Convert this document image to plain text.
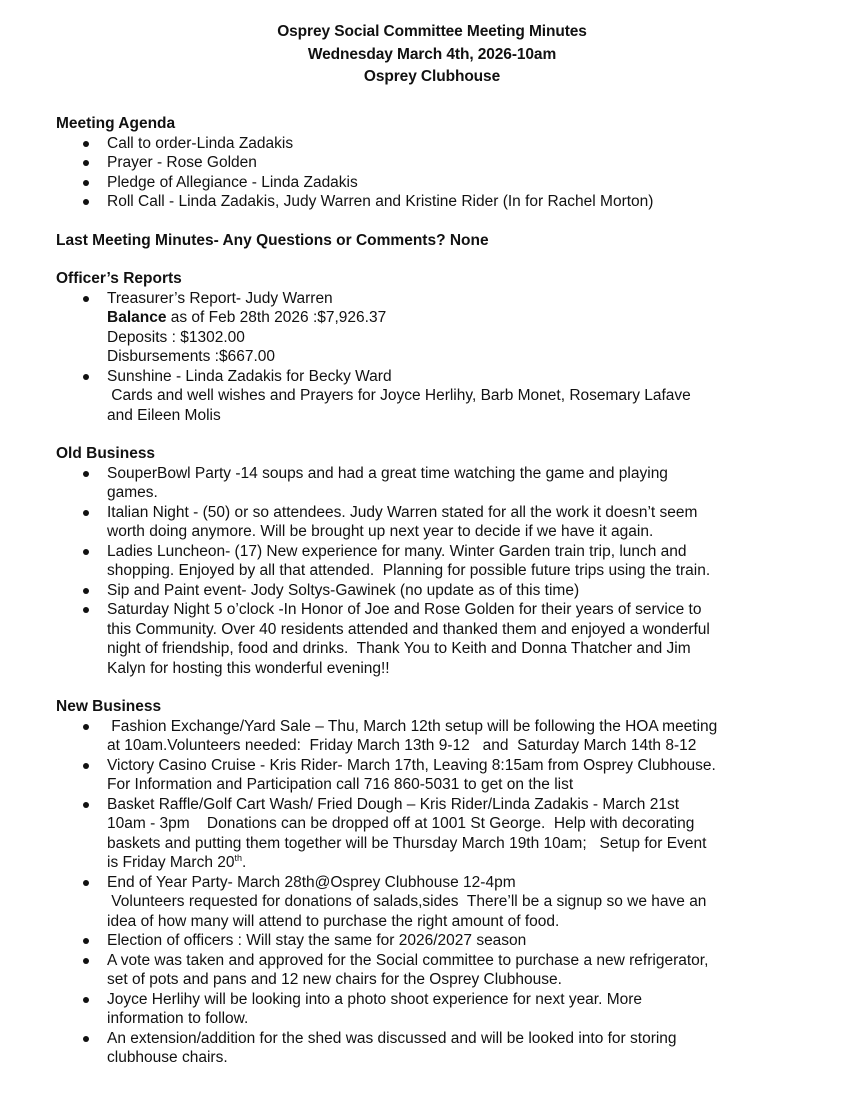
Osprey Social Committee Meeting Minutes
Wednesday March 4th, 2026-10am
Osprey Clubhouse
Meeting Agenda
Call to order-Linda Zadakis
Prayer - Rose Golden
Pledge of Allegiance - Linda Zadakis
Roll Call - Linda Zadakis, Judy Warren and Kristine Rider (In for Rachel Morton)
Last Meeting Minutes- Any Questions or Comments? None
Officer’s Reports
Treasurer’s Report- Judy Warren
Balance as of Feb 28th 2026 :$7,926.37
Deposits : $1302.00
Disbursements :$667.00
Sunshine - Linda Zadakis for Becky Ward
Cards and well wishes and Prayers for Joyce Herlihy, Barb Monet, Rosemary Lafave
and Eileen Molis
Old Business
SouperBowl Party -14 soups and had a great time watching the game and playing
games.
Italian Night - (50) or so attendees. Judy Warren stated for all the work it doesn’t seem
worth doing anymore. Will be brought up next year to decide if we have it again.
Ladies Luncheon- (17) New experience for many. Winter Garden train trip, lunch and
shopping. Enjoyed by all that attended.  Planning for possible future trips using the train.
Sip and Paint event- Jody Soltys-Gawinek (no update as of this time)
Saturday Night 5 o’clock -In Honor of Joe and Rose Golden for their years of service to
this Community. Over 40 residents attended and thanked them and enjoyed a wonderful
night of friendship, food and drinks.  Thank You to Keith and Donna Thatcher and Jim
Kalyn for hosting this wonderful evening!!
New Business
Fashion Exchange/Yard Sale – Thu, March 12th setup will be following the HOA meeting
at 10am.Volunteers needed:  Friday March 13th 9-12   and  Saturday March 14th 8-12
Victory Casino Cruise - Kris Rider- March 17th, Leaving 8:15am from Osprey Clubhouse.
For Information and Participation call 716 860-5031 to get on the list
Basket Raffle/Golf Cart Wash/ Fried Dough – Kris Rider/Linda Zadakis - March 21st
10am - 3pm    Donations can be dropped off at 1001 St George.  Help with decorating
baskets and putting them together will be Thursday March 19th 10am;   Setup for Event
is Friday March 20th.
End of Year Party- March 28th@Osprey Clubhouse 12-4pm
Volunteers requested for donations of salads,sides  There’ll be a signup so we have an
idea of how many will attend to purchase the right amount of food.
Election of officers : Will stay the same for 2026/2027 season
A vote was taken and approved for the Social committee to purchase a new refrigerator,
set of pots and pans and 12 new chairs for the Osprey Clubhouse.
Joyce Herlihy will be looking into a photo shoot experience for next year. More
information to follow.
An extension/addition for the shed was discussed and will be looked into for storing
clubhouse chairs.
